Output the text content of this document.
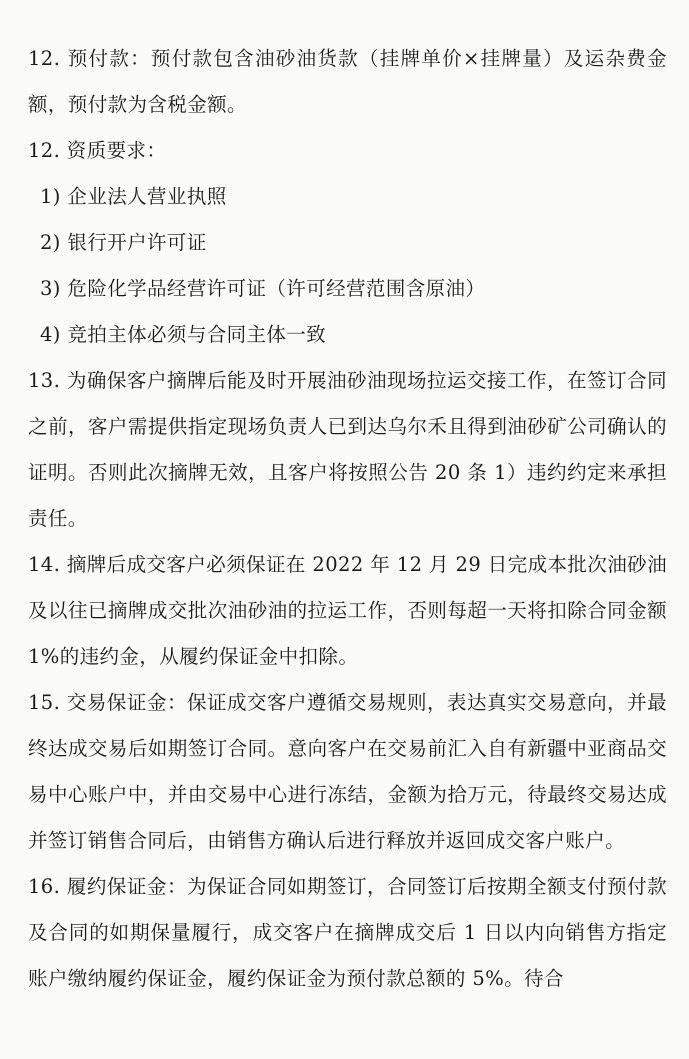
12. 预付款：预付款包含油砂油货款（挂牌单价×挂牌量）及运杂费金额，预付款为含税金额。

12. 资质要求：

1) 企业法人营业执照

2) 银行开户许可证

3) 危险化学品经营许可证（许可经营范围含原油）

4) 竞拍主体必须与合同主体一致

13. 为确保客户摘牌后能及时开展油砂油现场拉运交接工作，在签订合同之前，客户需提供指定现场负责人已到达乌尔禾且得到油砂矿公司确认的证明。否则此次摘牌无效，且客户将按照公告 20 条 1）违约约定来承担责任。

14. 摘牌后成交客户必须保证在 2022 年 12 月 29 日完成本批次油砂油及以往已摘牌成交批次油砂油的拉运工作，否则每超一天将扣除合同金额 1%的违约金，从履约保证金中扣除。

15. 交易保证金：保证成交客户遵循交易规则，表达真实交易意向，并最终达成交易后如期签订合同。意向客户在交易前汇入自有新疆中亚商品交易中心账户中，并由交易中心进行冻结，金额为拾万元，待最终交易达成并签订销售合同后，由销售方确认后进行释放并返回成交客户账户。

16. 履约保证金：为保证合同如期签订，合同签订后按期全额支付预付款及合同的如期保量履行，成交客户在摘牌成交后 1 日以内向销售方指定账户缴纳履约保证金，履约保证金为预付款总额的 5%。待合
